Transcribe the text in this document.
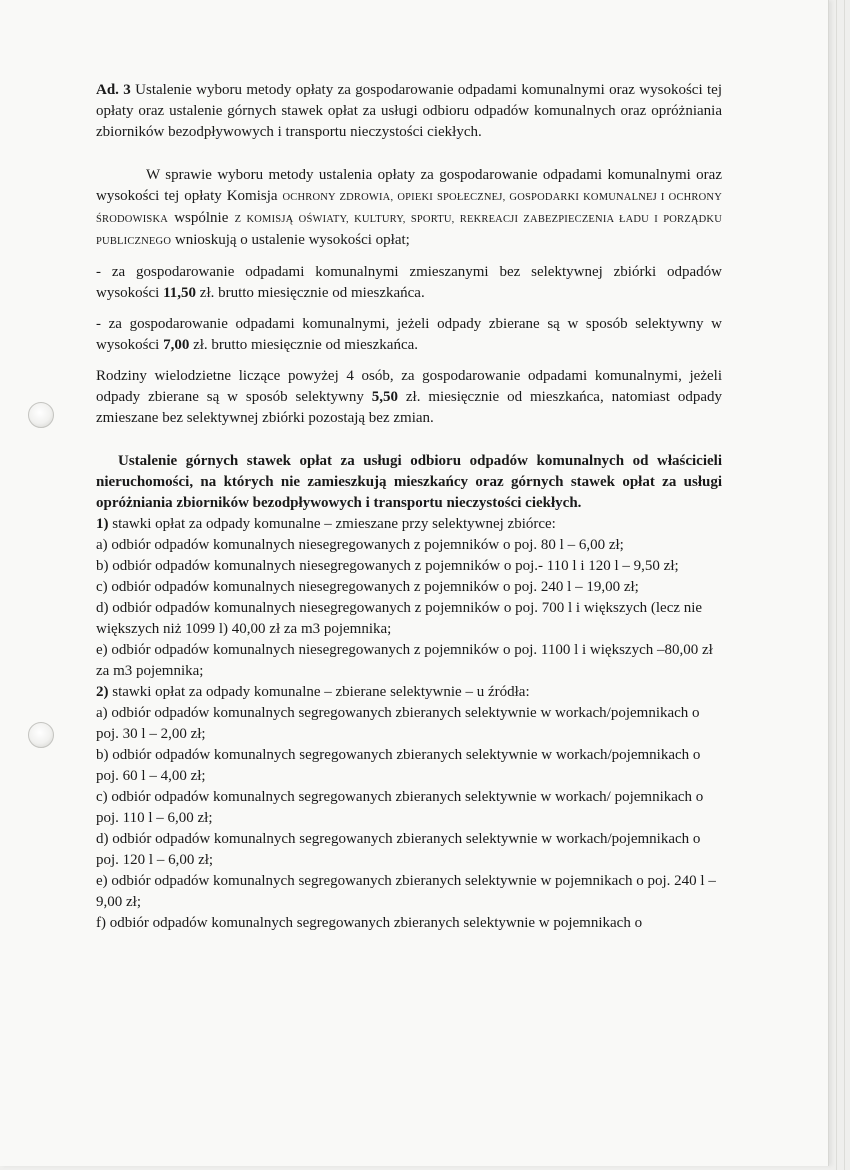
Ad. 3 Ustalenie wyboru metody opłaty za gospodarowanie odpadami komunalnymi oraz wysokości tej opłaty oraz ustalenie górnych stawek opłat za usługi odbioru odpadów komunalnych oraz opróżniania zbiorników bezodpływowych i transportu nieczystości ciekłych.

W sprawie wyboru metody ustalenia opłaty za gospodarowanie odpadami komunalnymi oraz wysokości tej opłaty Komisja OCHRONY ZDROWIA, OPIEKI SPOŁECZNEJ, GOSPODARKI KOMUNALNEJ I OCHRONY ŚRODOWISKA wspólnie Z KOMISJĄ OŚWIATY, KULTURY, SPORTU, REKREACJI ZABEZPIECZENIA ŁADU I PORZĄDKU PUBLICZNEGO wnioskują o ustalenie wysokości opłat;

- za gospodarowanie odpadami komunalnymi zmieszanymi bez selektywnej zbiórki odpadów wysokości 11,50 zł. brutto miesięcznie od mieszkańca.

- za gospodarowanie odpadami komunalnymi, jeżeli odpady zbierane są w sposób selektywny w wysokości 7,00 zł. brutto miesięcznie od mieszkańca.

Rodziny wielodzietne liczące powyżej 4 osób, za gospodarowanie odpadami komunalnymi, jeżeli odpady zbierane są w sposób selektywny 5,50 zł. miesięcznie od mieszkańca, natomiast odpady zmieszane bez selektywnej zbiórki pozostają bez zmian.

Ustalenie górnych stawek opłat za usługi odbioru odpadów komunalnych od właścicieli nieruchomości, na których nie zamieszkują mieszkańcy oraz górnych stawek opłat za usługi opróżniania zbiorników bezodpływowych i transportu nieczystości ciekłych.

1) stawki opłat za odpady komunalne – zmieszane przy selektywnej zbiórce:

a) odbiór odpadów komunalnych niesegregowanych z pojemników o poj. 80 l – 6,00 zł;

b) odbiór odpadów komunalnych niesegregowanych z pojemników o poj.- 110 l i 120 l – 9,50 zł;

c) odbiór odpadów komunalnych niesegregowanych z pojemników o poj. 240 l – 19,00 zł;

d) odbiór odpadów komunalnych niesegregowanych z pojemników o poj. 700 l i większych (lecz nie większych niż 1099 l) 40,00 zł za m3 pojemnika;

e) odbiór odpadów komunalnych niesegregowanych z pojemników o poj. 1100 l i większych –80,00 zł za m3 pojemnika;

2) stawki opłat za odpady komunalne – zbierane selektywnie – u źródła:

a) odbiór odpadów komunalnych segregowanych zbieranych selektywnie w workach/pojemnikach o poj. 30 l – 2,00 zł;

b) odbiór odpadów komunalnych segregowanych zbieranych selektywnie w workach/pojemnikach o poj. 60 l – 4,00 zł;

c) odbiór odpadów komunalnych segregowanych zbieranych selektywnie w workach/ pojemnikach o poj. 110 l – 6,00 zł;

d) odbiór odpadów komunalnych segregowanych zbieranych selektywnie w workach/pojemnikach o poj. 120 l – 6,00 zł;

e) odbiór odpadów komunalnych segregowanych zbieranych selektywnie w pojemnikach o poj. 240 l – 9,00 zł;

f) odbiór odpadów komunalnych segregowanych zbieranych selektywnie w pojemnikach o
